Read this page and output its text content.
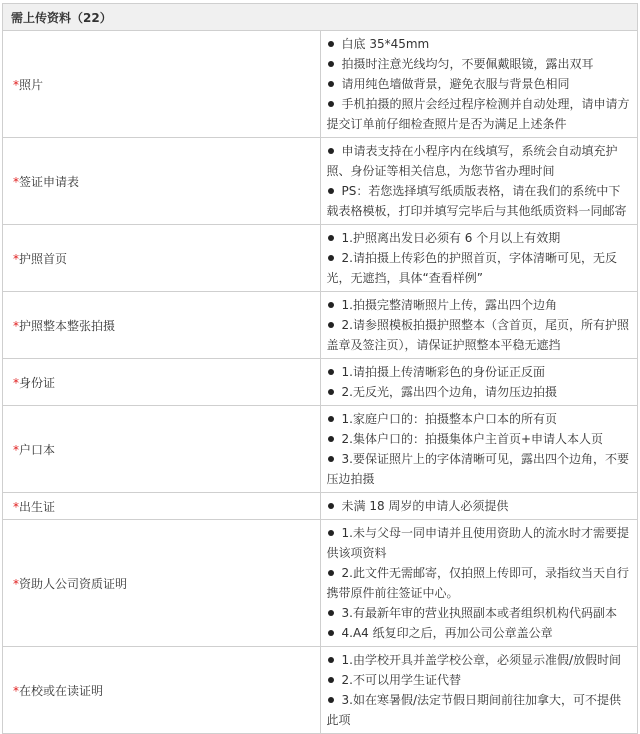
需上传资料（22）	
*照片	白底 35*45mm
拍摄时注意光线均匀，不要佩戴眼镜，露出双耳
请用纯色墙做背景，避免衣服与背景色相同
手机拍摄的照片会经过程序检测并自动处理，请申请方提交订单前仔细检查照片是否为满足上述条件

*签证申请表	申请表支持在小程序内在线填写，系统会自动填充护照、身份证等相关信息，为您节省办理时间
PS：若您选择填写纸质版表格，请在我们的系统中下载表格模板，打印并填写完毕后与其他纸质资料一同邮寄

*护照首页	1.护照离出发日必须有 6 个月以上有效期
2.请拍摄上传彩色的护照首页，字体清晰可见，无反光，无遮挡，具体“查看样例”

*护照整本整张拍摄	1.拍摄完整清晰照片上传，露出四个边角
2.请参照模板拍摄护照整本（含首页，尾页，所有护照盖章及签注页），请保证护照整本平稳无遮挡

*身份证	1.请拍摄上传清晰彩色的身份证正反面
2.无反光，露出四个边角，请勿压边拍摄

*户口本	1.家庭户口的：拍摄整本户口本的所有页
2.集体户口的：拍摄集体户主首页+申请人本人页
3.要保证照片上的字体清晰可见，露出四个边角，不要压边拍摄

*出生证	未满 18 周岁的申请人必须提供

*资助人公司资质证明	1.未与父母一同申请并且使用资助人的流水时才需要提供该项资料
2.此文件无需邮寄，仅拍照上传即可，录指纹当天自行携带原件前往签证中心。
3.有最新年审的营业执照副本或者组织机构代码副本
4.A4 纸复印之后，再加公司公章盖公章

*在校或在读证明	1.由学校开具并盖学校公章，必须显示准假/放假时间
2.不可以用学生证代替
3.如在寒暑假/法定节假日期间前往加拿大，可不提供此项
